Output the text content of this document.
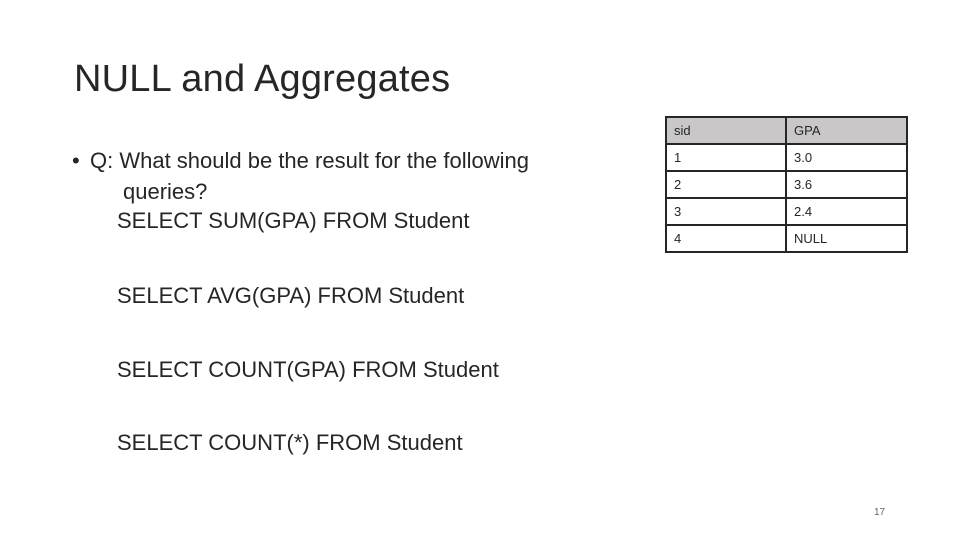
NULL and Aggregates
• Q: What should be the result for the following
queries?
SELECT SUM(GPA) FROM Student
SELECT AVG(GPA) FROM Student
SELECT COUNT(GPA) FROM Student
SELECT COUNT(*) FROM Student
sid	GPA
1	3.0
2	3.6
3	2.4
4	NULL
17
